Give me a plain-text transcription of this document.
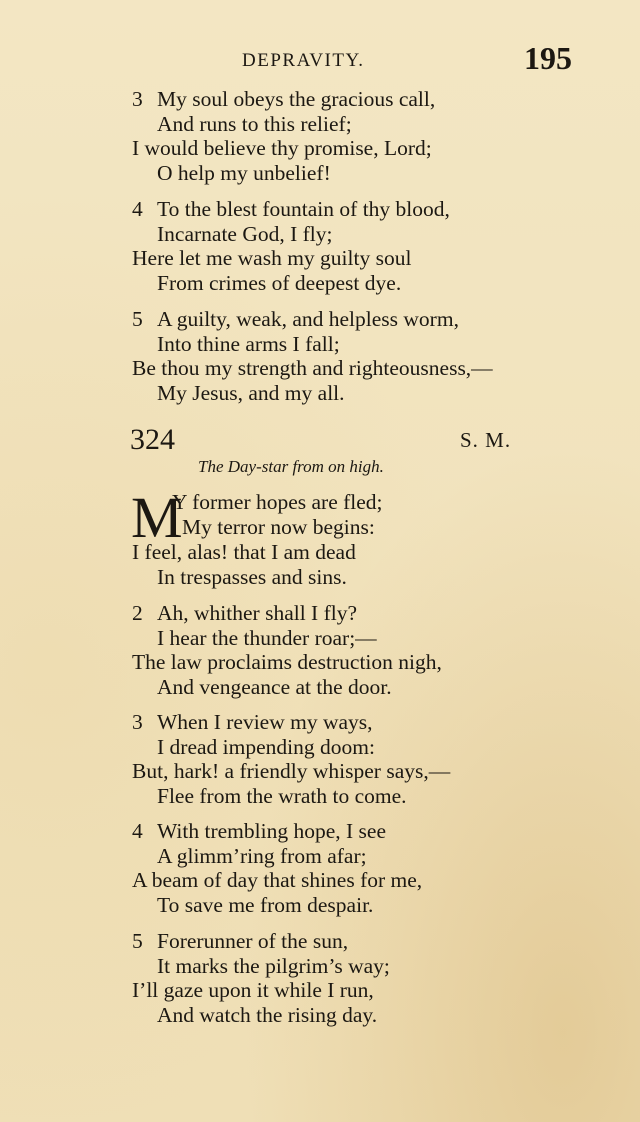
DEPRAVITY.	195
3 My soul obeys the gracious call,
And runs to this relief;
I would believe thy promise, Lord;
O help my unbelief!
4 To the blest fountain of thy blood,
Incarnate God, I fly;
Here let me wash my guilty soul
From crimes of deepest dye.
5 A guilty, weak, and helpless worm,
Into thine arms I fall;
Be thou my strength and righteousness,—
My Jesus, and my all.
324	S. M.
The Day-star from on high.
M
Y former hopes are fled;
My terror now begins:
I feel, alas! that I am dead
In trespasses and sins.
2 Ah, whither shall I fly?
I hear the thunder roar;—
The law proclaims destruction nigh,
And vengeance at the door.
3 When I review my ways,
I dread impending doom:
But, hark! a friendly whisper says,—
Flee from the wrath to come.
4 With trembling hope, I see
A glimm’ring from afar;
A beam of day that shines for me,
To save me from despair.
5 Forerunner of the sun,
It marks the pilgrim’s way;
I’ll gaze upon it while I run,
And watch the rising day.
